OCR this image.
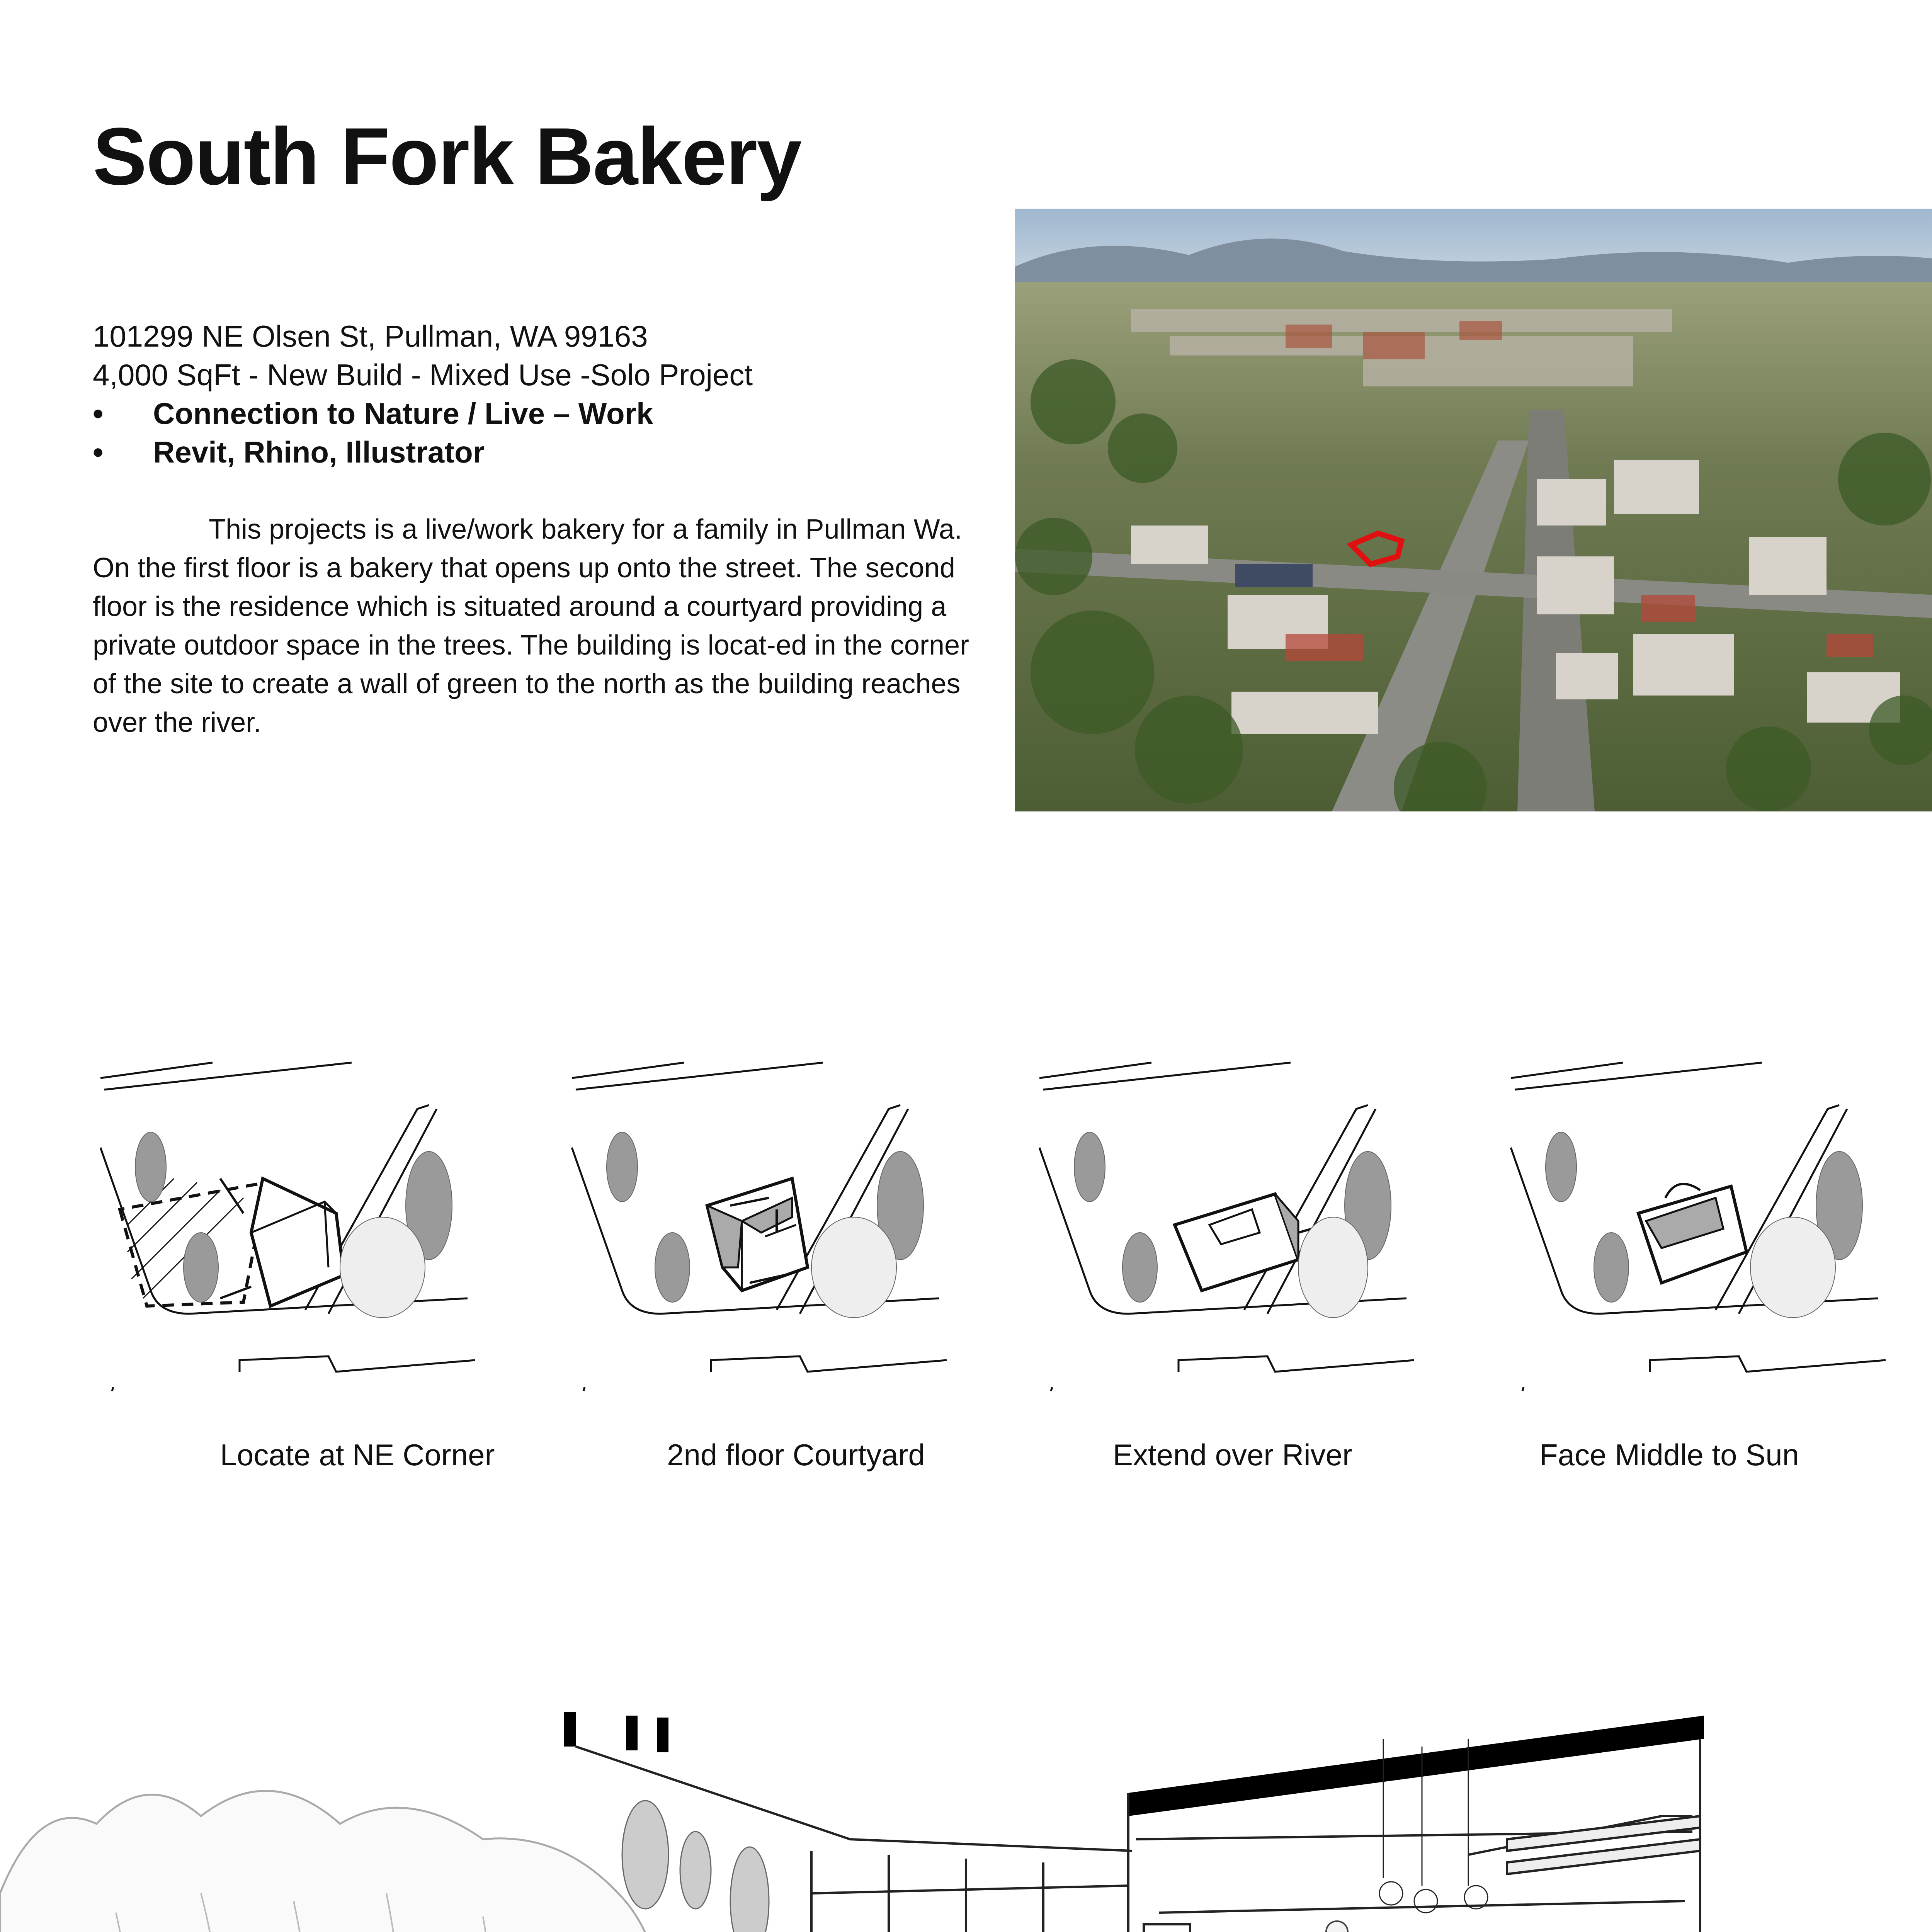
South Fork Bakery
101299 NE Olsen St, Pullman, WA 99163
4,000 SqFt - New Build - Mixed Use -Solo Project
• Connection to Nature / Live – Work
• Revit, Rhino, Illustrator

This projects is a live/work bakery for a family in Pullman Wa. On the first floor is a bakery that opens up onto the street. The second floor is the residence which is situated around a courtyard providing a private outdoor space in the trees. The building is locat-ed in the corner of the site to create a wall of green to the north as the building reaches over the river.

Locate at NE Corner	2nd floor Courtyard	Extend over River	Face Middle to Sun
